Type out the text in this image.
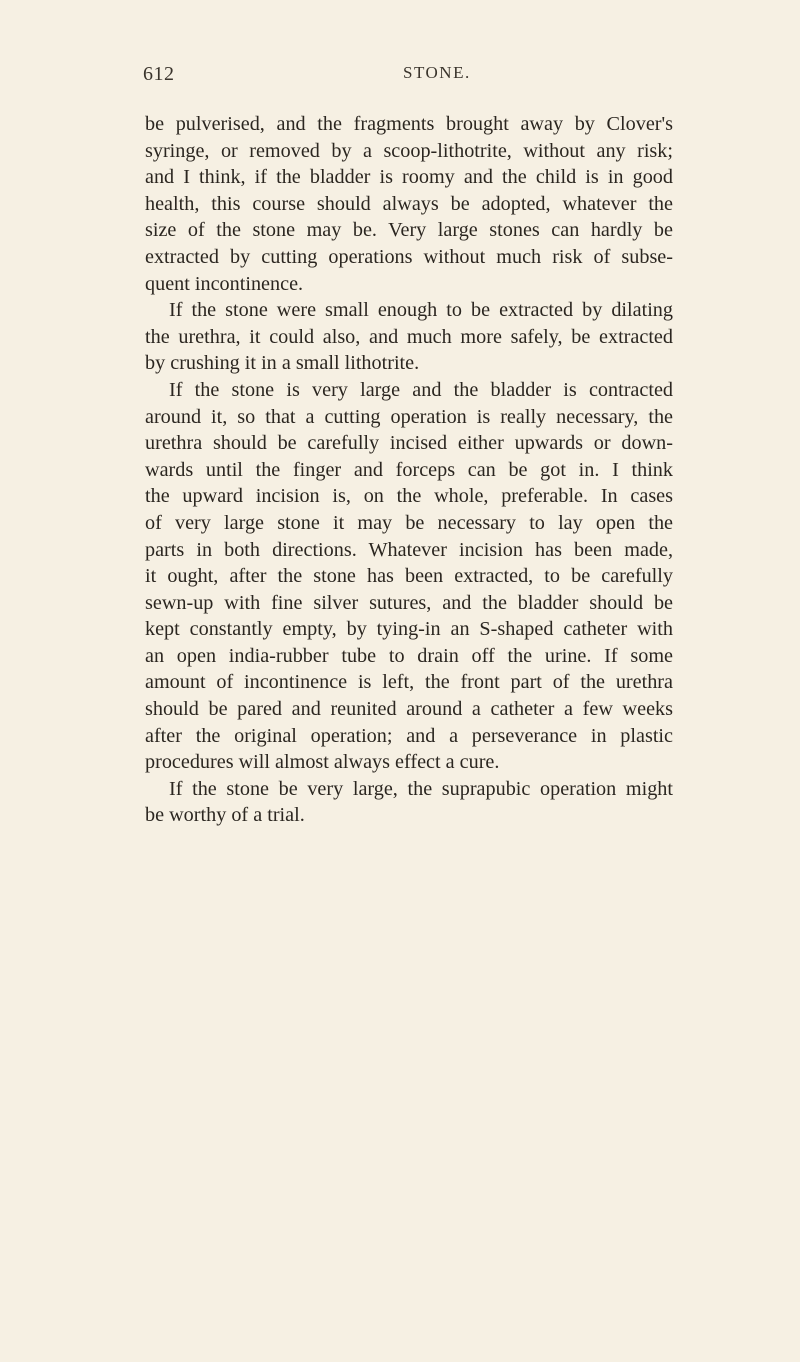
612	STONE.
be pulverised, and the fragments brought away by Clover's
syringe, or removed by a scoop-lithotrite, without any risk;
and I think, if the bladder is roomy and the child is in good
health, this course should always be adopted, whatever the
size of the stone may be. Very large stones can hardly be
extracted by cutting operations without much risk of subse-
quent incontinence.
If the stone were small enough to be extracted by dilating
the urethra, it could also, and much more safely, be extracted
by crushing it in a small lithotrite.
If the stone is very large and the bladder is contracted
around it, so that a cutting operation is really necessary, the
urethra should be carefully incised either upwards or down-
wards until the finger and forceps can be got in. I think
the upward incision is, on the whole, preferable. In cases
of very large stone it may be necessary to lay open the
parts in both directions. Whatever incision has been made,
it ought, after the stone has been extracted, to be carefully
sewn-up with fine silver sutures, and the bladder should be
kept constantly empty, by tying-in an S-shaped catheter with
an open india-rubber tube to drain off the urine. If some
amount of incontinence is left, the front part of the urethra
should be pared and reunited around a catheter a few weeks
after the original operation; and a perseverance in plastic
procedures will almost always effect a cure.
If the stone be very large, the suprapubic operation might
be worthy of a trial.
